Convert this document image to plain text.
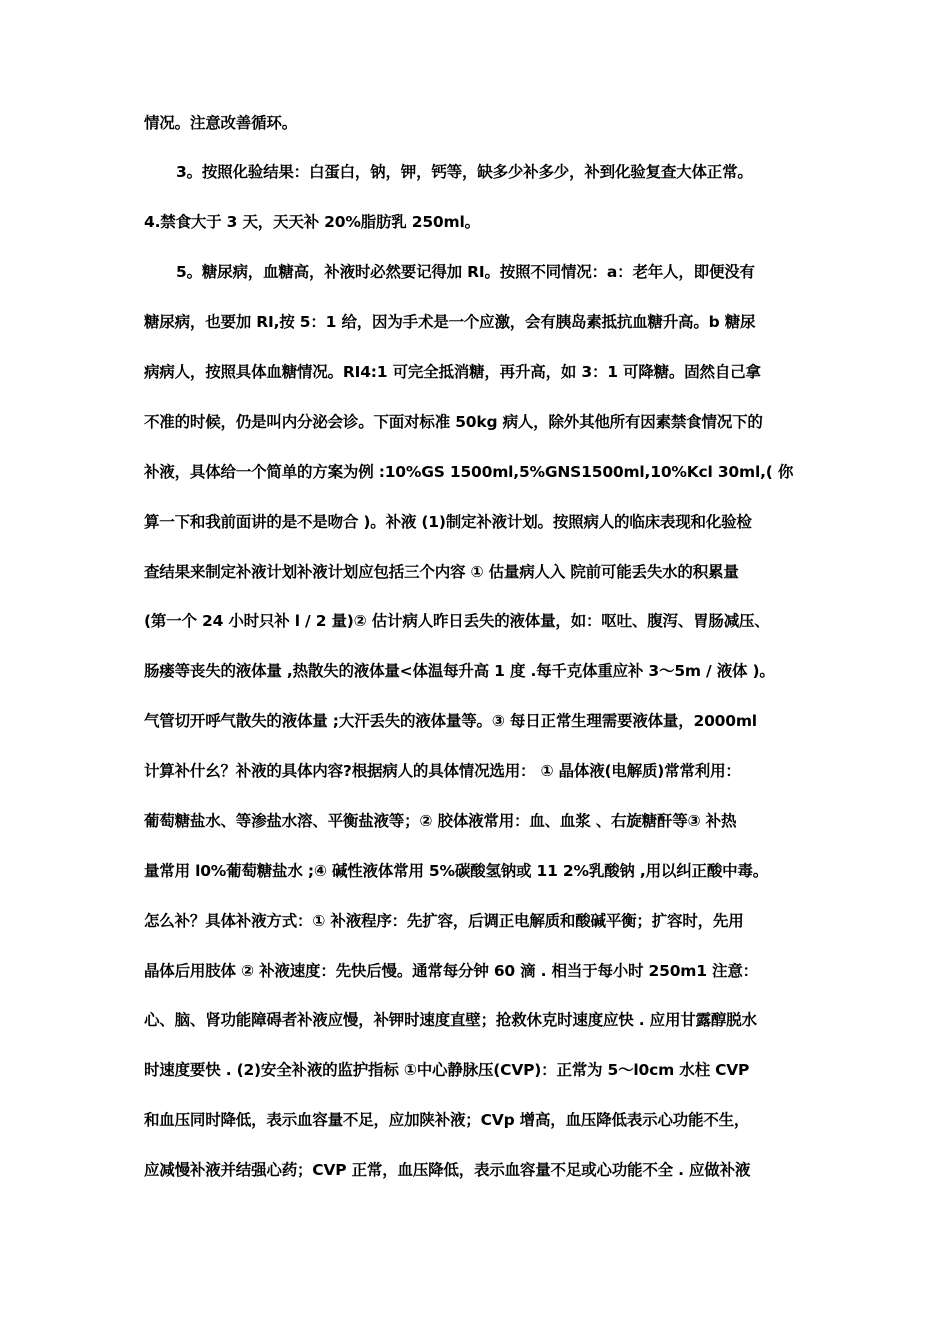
情况。注意改善循环。
3。按照化验结果：白蛋白，钠，钾，钙等，缺多少补多少，补到化验复查大体正常。
4.禁食大于 3 天，天天补 20%脂肪乳 250ml。
5。糖尿病，血糖高，补液时必然要记得加 RI。按照不同情况：a：老年人，即便没有
糖尿病，也要加 RI,按 5：1 给，因为手术是一个应激，会有胰岛素抵抗血糖升高。b 糖尿
病病人，按照具体血糖情况。RI4:1 可完全抵消糖，再升高，如 3：1 可降糖。固然自己拿
不准的时候，仍是叫内分泌会诊。下面对标准 50kg 病人，除外其他所有因素禁食情况下的
补液，具体给一个简单的方案为例 :10%GS 1500ml,5%GNS1500ml,10%Kcl 30ml,( 你
算一下和我前面讲的是不是吻合 )。补液 (1)制定补液计划。按照病人的临床表现和化验检
查结果来制定补液计划补液计划应包括三个内容 ① 估量病人入 院前可能丢失水的积累量
(第一个 24 小时只补 l / 2 量)② 估计病人昨日丢失的液体量，如：呕吐、腹泻、胃肠减压、
肠瘘等丧失的液体量 ,热散失的液体量<体温每升高 1 度 .每千克体重应补 3～5m / 液体 )。
气管切开呼气散失的液体量 ;大汗丢失的液体量等。③ 每日正常生理需要液体量，2000ml
计算补什幺？补液的具体内容?根据病人的具体情况选用： ① 晶体液(电解质)常常利用：
葡萄糖盐水、等渗盐水溶、平衡盐液等；② 胶体液常用：血、血浆 、右旋糖酐等③ 补热
量常用 l0%葡萄糖盐水 ;④ 碱性液体常用 5%碳酸氢钠或 11 2%乳酸钠 ,用以纠正酸中毒。
怎么补？具体补液方式：① 补液程序：先扩容，后调正电解质和酸碱平衡；扩容时，先用
晶体后用肢体 ② 补液速度：先快后慢。通常每分钟 60 滴 . 相当于每小时 250m1 注意：
心、脑、肾功能障碍者补液应慢，补钾时速度直壁；抢救休克时速度应快 . 应用甘露醇脱水
时速度要快 . (2)安全补液的监护指标 ①中心静脉压(CVP)：正常为 5～l0cm 水柱 CVP
和血压同时降低，表示血容量不足，应加陕补液；CVp 增高，血压降低表示心功能不生，
应减慢补液并结强心药；CVP 正常，血压降低，表示血容量不足或心功能不全 . 应做补液
